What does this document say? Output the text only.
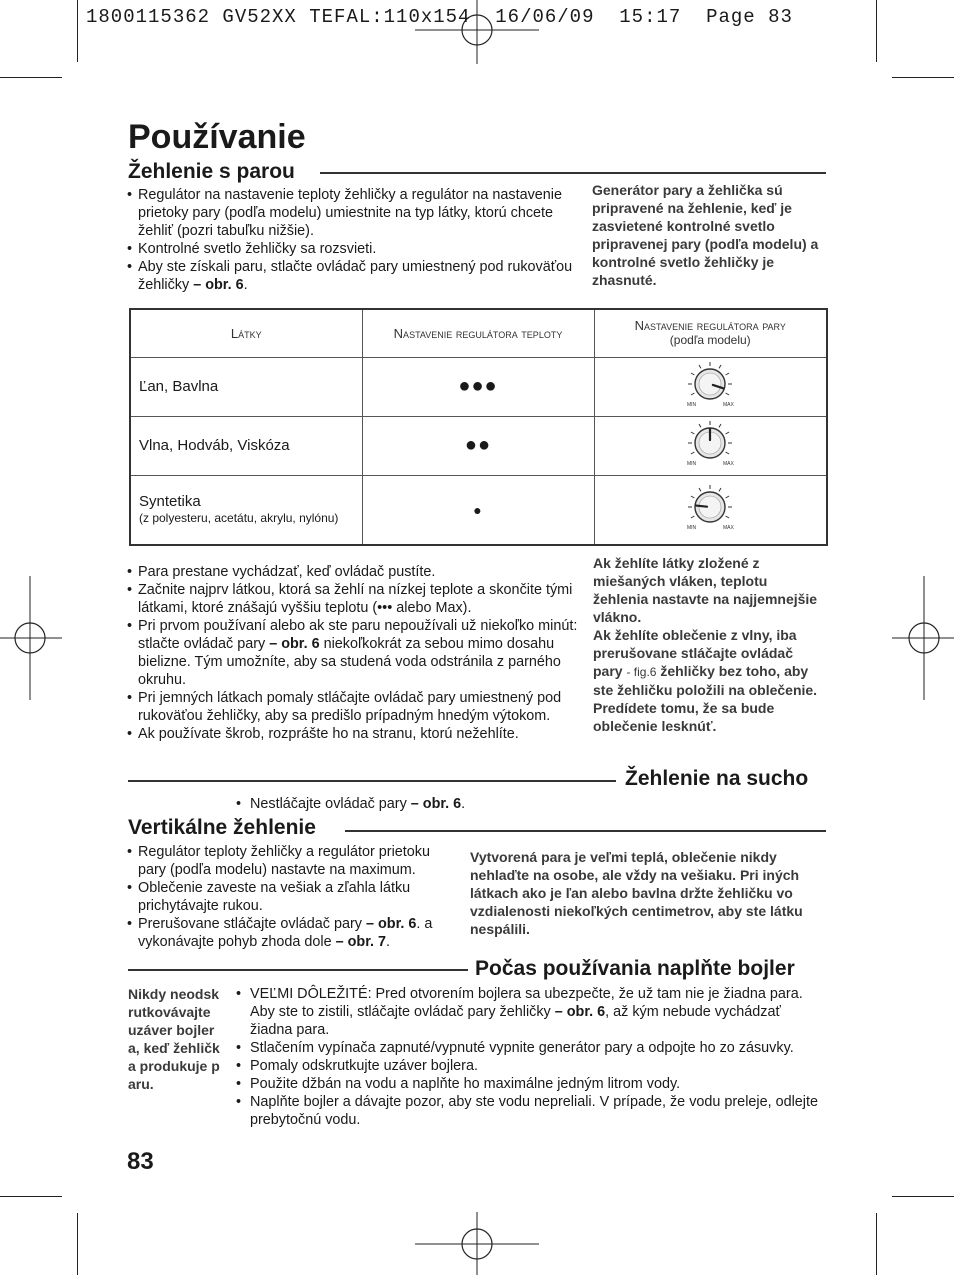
1800115362 GV52XX TEFAL:110x154  16/06/09  15:17  Page 83
Používanie
Žehlenie s parou
• Regulátor na nastavenie teploty žehličky a regulátor na nastavenie prietoky pary (podľa modelu) umiestnite na typ látky, ktorú chcete žehliť (pozri tabuľku nižšie).
• Kontrolné svetlo žehličky sa rozsvieti.
• Aby ste získali paru, stlačte ovládač pary umiestnený pod rukoväťou žehličky – obr. 6.
Generátor pary a žehlička sú pripravené na žehlenie, keď je zasvietené kontrolné svetlo pripravenej pary (podľa modelu) a kontrolné svetlo žehličky je zhasnuté.
Látky	Nastavenie regulátora teploty	Nastavenie regulátora pary
(podľa modelu)

Ľan, Bavlna	●●●	MIN MAX

Vlna, Hodváb, Viskóza	●●	MIN MAX

Syntetika
(z polyesteru, acetátu, akrylu, nylónu)	●	MIN MAX
• Para prestane vychádzať, keď ovládač pustíte.
• Začnite najprv látkou, ktorá sa žehlí na nízkej teplote a skončite tými látkami, ktoré znášajú vyššiu teplotu (••• alebo Max).
• Pri prvom používaní alebo ak ste paru nepoužívali už niekoľko minút: stlačte ovládač pary – obr. 6 niekoľkokrát za sebou mimo dosahu bielizne. Tým umožníte, aby sa studená voda odstránila z parného okruhu.
• Pri jemných látkach pomaly stláčajte ovládač pary umiestnený pod rukoväťou žehličky, aby sa predišlo prípadným hnedým výtokom.
• Ak používate škrob, rozprášte ho na stranu, ktorú nežehlíte.
Ak žehlíte látky zložené z miešaných vláken, teplotu žehlenia nastavte na najjemnejšie vlákno.
Ak žehlíte oblečenie z vlny, iba prerušovane stláčajte ovládač pary - fig.6 žehličky bez toho, aby ste žehličku položili na oblečenie.
Predídete tomu, že sa bude oblečenie lesknúť.
Žehlenie na sucho
• Nestláčajte ovládač pary – obr. 6.
Vertikálne žehlenie
• Regulátor teploty žehličky a regulátor prietoku pary (podľa modelu) nastavte na maximum.
• Oblečenie zaveste na vešiak a zľahla látku prichytávajte rukou.
• Prerušovane stláčajte ovládač pary – obr. 6. a vykonávajte pohyb zhoda dole – obr. 7.
Vytvorená para je veľmi teplá, oblečenie nikdy nehlaďte na osobe, ale vždy na vešiaku. Pri iných látkach ako je ľan alebo bavlna držte žehličku vo vzdialenosti niekoľkých centimetrov, aby ste látku nespálili.
Počas používania naplňte bojler
Nikdy neodskrutkovávajte uzáver bojlera, keď žehlička produkuje paru.
• VEĽMI DÔLEŽITÉ: Pred otvorením bojlera sa ubezpečte, že už tam nie je žiadna para. Aby ste to zistili, stláčajte ovládač pary žehličky – obr. 6, až kým nebude vychádzať žiadna para.
• Stlačením vypínača zapnuté/vypnuté vypnite generátor pary a odpojte ho zo zásuvky.
• Pomaly odskrutkujte uzáver bojlera.
• Použite džbán na vodu a naplňte ho maximálne jedným litrom vody.
• Naplňte bojler a dávajte pozor, aby ste vodu nepreliali. V prípade, že vodu preleje, odlejte prebytočnú vodu.
83
